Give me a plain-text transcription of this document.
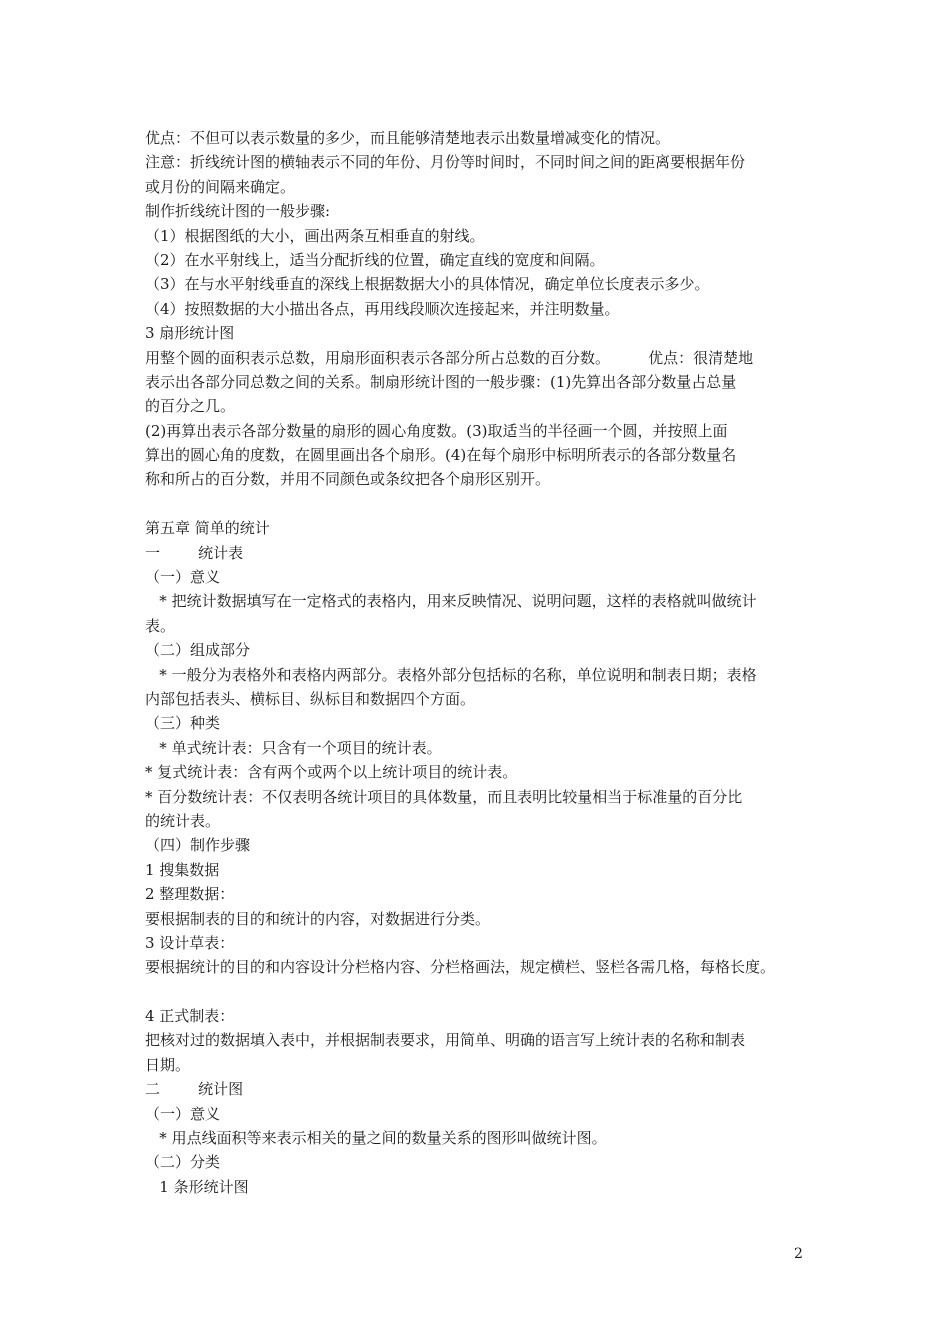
优点：不但可以表示数量的多少，而且能够清楚地表示出数量增减变化的情况。
注意：折线统计图的横轴表示不同的年份、月份等时间时，不同时间之间的距离要根据年份
或月份的间隔来确定。
制作折线统计图的一般步骤:
（1）根据图纸的大小，画出两条互相垂直的射线。
（2）在水平射线上，适当分配折线的位置，确定直线的宽度和间隔。
（3）在与水平射线垂直的深线上根据数据大小的具体情况，确定单位长度表示多少。
（4）按照数据的大小描出各点，再用线段顺次连接起来，并注明数量。
3 扇形统计图
用整个圆的面积表示总数，用扇形面积表示各部分所占总数的百分数。        优点：很清楚地
表示出各部分同总数之间的关系。制扇形统计图的一般步骤：(1)先算出各部分数量占总量
的百分之几。
(2)再算出表示各部分数量的扇形的圆心角度数。(3)取适当的半径画一个圆，并按照上面
算出的圆心角的度数，在圆里画出各个扇形。(4)在每个扇形中标明所表示的各部分数量名
称和所占的百分数，并用不同颜色或条纹把各个扇形区别开。
第五章 简单的统计
一        统计表
（一）意义
* 把统计数据填写在一定格式的表格内，用来反映情况、说明问题，这样的表格就叫做统计
表。
（二）组成部分
* 一般分为表格外和表格内两部分。表格外部分包括标的名称，单位说明和制表日期；表格
内部包括表头、横标目、纵标目和数据四个方面。
（三）种类
* 单式统计表：只含有一个项目的统计表。
* 复式统计表：含有两个或两个以上统计项目的统计表。
* 百分数统计表：不仅表明各统计项目的具体数量，而且表明比较量相当于标准量的百分比
的统计表。
（四）制作步骤
1 搜集数据
2 整理数据：
要根据制表的目的和统计的内容，对数据进行分类。
3 设计草表：
要根据统计的目的和内容设计分栏格内容、分栏格画法，规定横栏、竖栏各需几格，每格长度。
4 正式制表：
把核对过的数据填入表中，并根据制表要求，用简单、明确的语言写上统计表的名称和制表
日期。
二        统计图
（一）意义
* 用点线面积等来表示相关的量之间的数量关系的图形叫做统计图。
（二）分类
1 条形统计图
2
